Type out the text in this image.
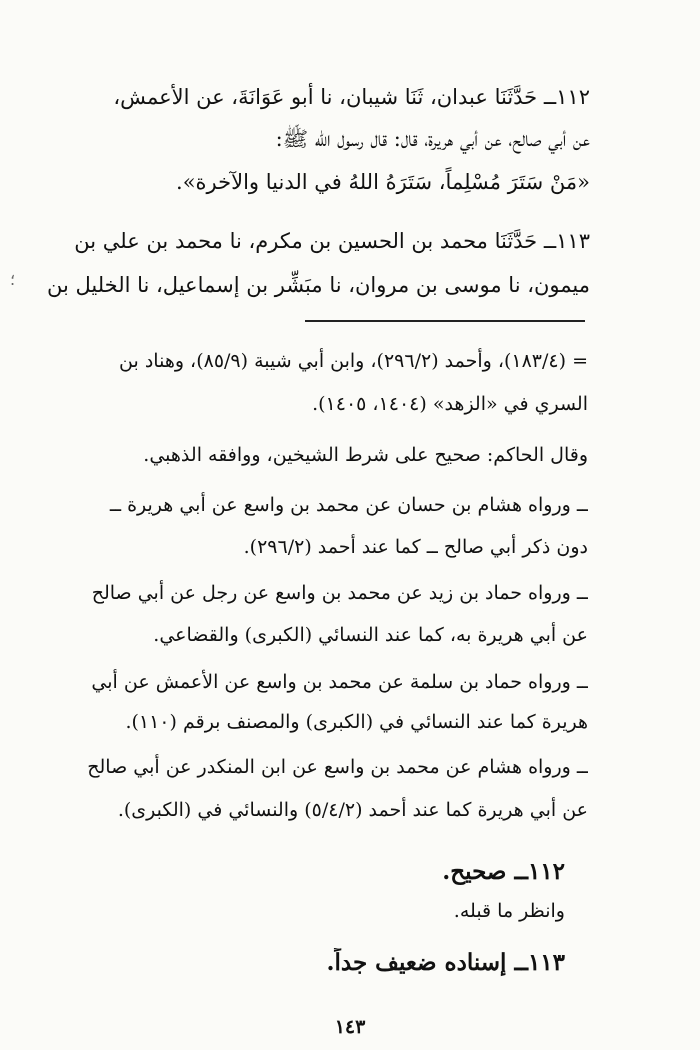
١١٢ــ حَدَّثَنَا عبدان، ثَنَا شيبان، نا أبو عَوَانَةَ، عن الأعمش،
عن أبي صالح، عن أبي هريرة، قال: قال رسول الله ﷺ:
«مَنْ سَتَرَ مُسْلِماً، سَتَرَهُ اللهُ في الدنيا والآخرة».
١١٣ــ حَدَّثَنَا محمد بن الحسين بن مكرم، نا محمد بن علي بن
ميمون، نا موسى بن مروان، نا مبَشِّر بن إسماعيل، نا الخليل بن
؛
= (١٨٣/٤)، وأحمد (٢٩٦/٢)، وابن أبي شيبة (٨٥/٩)، وهناد بن
السري في «الزهد» (١٤٠٤، ١٤٠٥).
وقال الحاكم: صحيح على شرط الشيخين، ووافقه الذهبي.
ــ ورواه هشام بن حسان عن محمد بن واسع عن أبي هريرة ــ
دون ذكر أبي صالح ــ كما عند أحمد (٢٩٦/٢).
ــ ورواه حماد بن زيد عن محمد بن واسع عن رجل عن أبي صالح
عن أبي هريرة به، كما عند النسائي (الكبرى) والقضاعي.
ــ ورواه حماد بن سلمة عن محمد بن واسع عن الأعمش عن أبي
هريرة كما عند النسائي في (الكبرى) والمصنف برقم (١١٠).
ــ ورواه هشام عن محمد بن واسع عن ابن المنكدر عن أبي صالح
عن أبي هريرة كما عند أحمد (٥/٤/٢) والنسائي في (الكبرى).
١١٢ــ صحيح.
وانظر ما قبله.
١١٣ــ إسناده ضعيف جداً.
١٤٣
